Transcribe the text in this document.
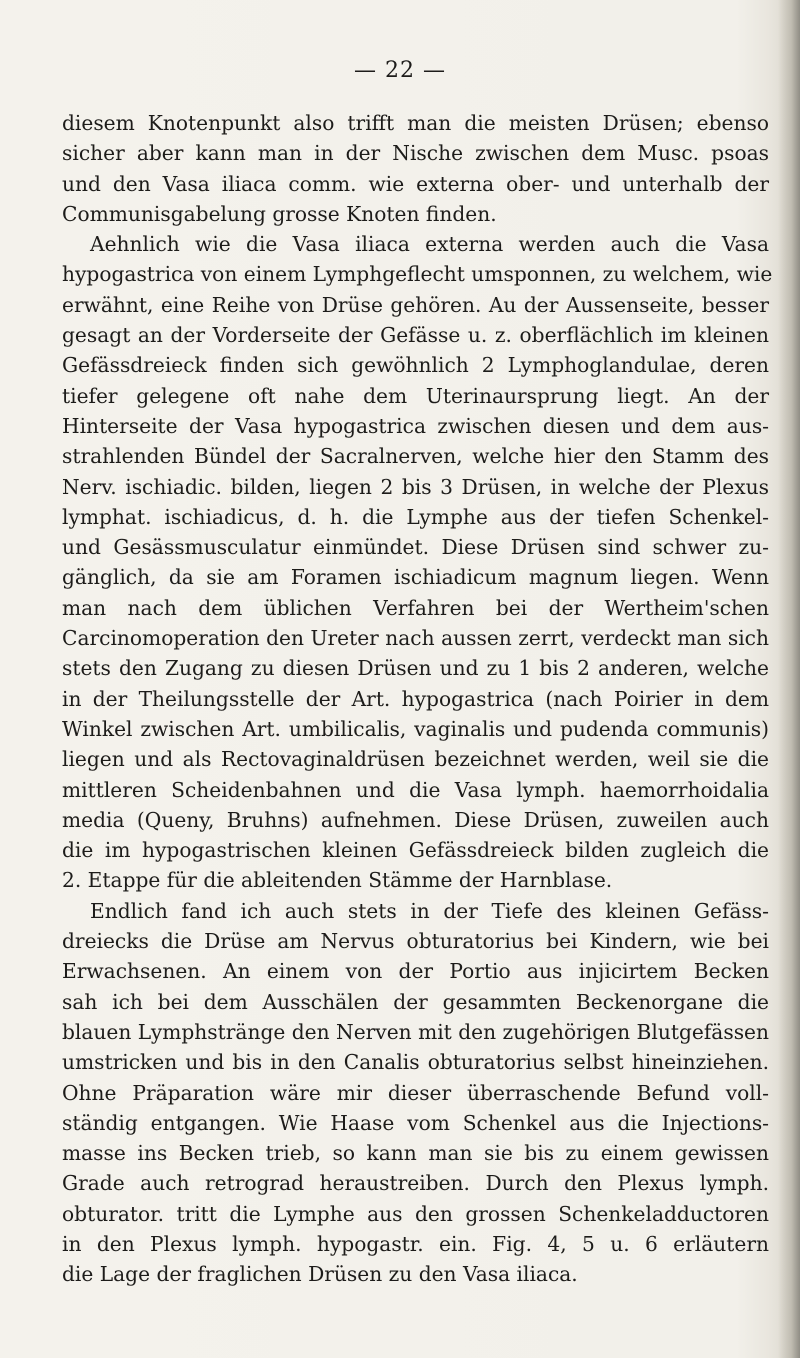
— 22 —
diesem Knotenpunkt also trifft man die meisten Drüsen; ebenso
sicher aber kann man in der Nische zwischen dem Musc. psoas
und den Vasa iliaca comm. wie externa ober- und unterhalb der
Communisgabelung grosse Knoten finden.
Aehnlich wie die Vasa iliaca externa werden auch die Vasa
hypogastrica von einem Lymphgeflecht umsponnen, zu welchem, wie
erwähnt, eine Reihe von Drüse gehören. Au der Aussenseite, besser
gesagt an der Vorderseite der Gefässe u. z. oberflächlich im kleinen
Gefässdreieck finden sich gewöhnlich 2 Lymphoglandulae, deren
tiefer gelegene oft nahe dem Uterinaursprung liegt. An der
Hinterseite der Vasa hypogastrica zwischen diesen und dem aus-
strahlenden Bündel der Sacralnerven, welche hier den Stamm des
Nerv. ischiadic. bilden, liegen 2 bis 3 Drüsen, in welche der Plexus
lymphat. ischiadicus, d. h. die Lymphe aus der tiefen Schenkel-
und Gesässmusculatur einmündet. Diese Drüsen sind schwer zu-
gänglich, da sie am Foramen ischiadicum magnum liegen. Wenn
man nach dem üblichen Verfahren bei der Wertheim'schen
Carcinomoperation den Ureter nach aussen zerrt, verdeckt man sich
stets den Zugang zu diesen Drüsen und zu 1 bis 2 anderen, welche
in der Theilungsstelle der Art. hypogastrica (nach Poirier in dem
Winkel zwischen Art. umbilicalis, vaginalis und pudenda communis)
liegen und als Rectovaginaldrüsen bezeichnet werden, weil sie die
mittleren Scheidenbahnen und die Vasa lymph. haemorrhoidalia
media (Queny, Bruhns) aufnehmen. Diese Drüsen, zuweilen auch
die im hypogastrischen kleinen Gefässdreieck bilden zugleich die
2. Etappe für die ableitenden Stämme der Harnblase.
Endlich fand ich auch stets in der Tiefe des kleinen Gefäss-
dreiecks die Drüse am Nervus obturatorius bei Kindern, wie bei
Erwachsenen. An einem von der Portio aus injicirtem Becken
sah ich bei dem Ausschälen der gesammten Beckenorgane die
blauen Lymphstränge den Nerven mit den zugehörigen Blutgefässen
umstricken und bis in den Canalis obturatorius selbst hineinziehen.
Ohne Präparation wäre mir dieser überraschende Befund voll-
ständig entgangen. Wie Haase vom Schenkel aus die Injections-
masse ins Becken trieb, so kann man sie bis zu einem gewissen
Grade auch retrograd heraustreiben. Durch den Plexus lymph.
obturator. tritt die Lymphe aus den grossen Schenkeladductoren
in den Plexus lymph. hypogastr. ein. Fig. 4, 5 u. 6 erläutern
die Lage der fraglichen Drüsen zu den Vasa iliaca.
